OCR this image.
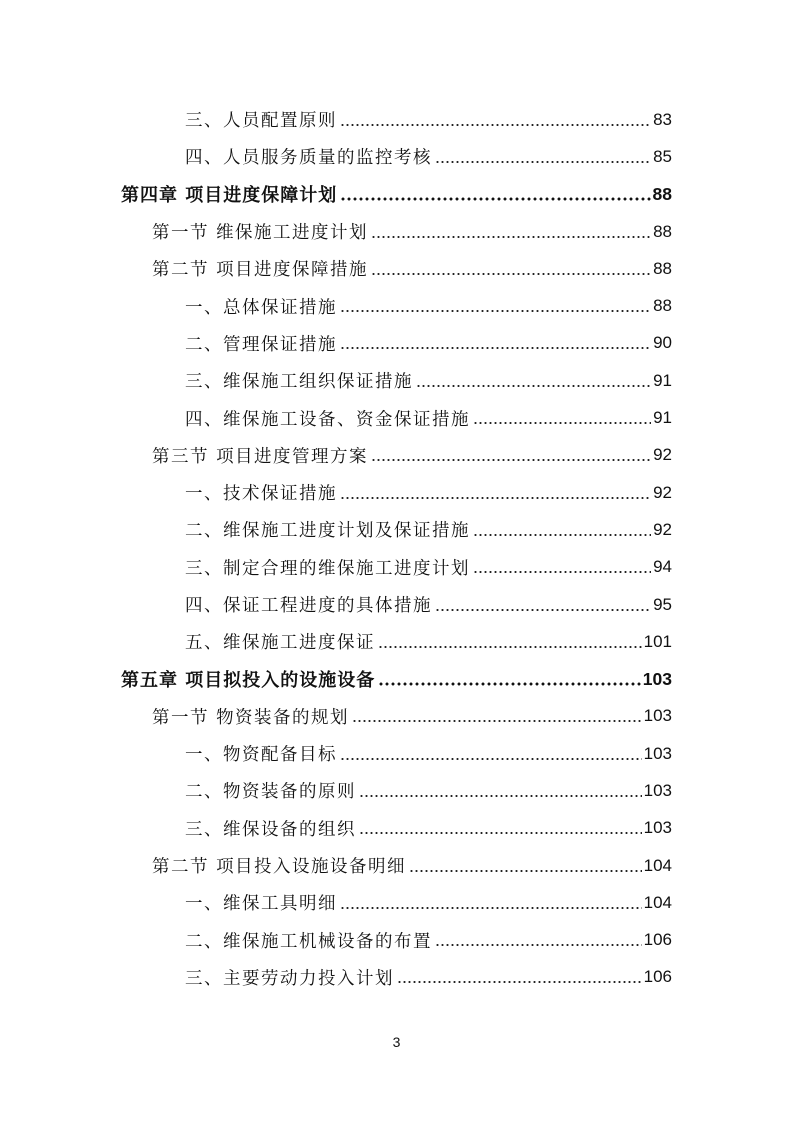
三、人员配置原则	83
四、人员服务质量的监控考核	85
第四章 项目进度保障计划	88
第一节 维保施工进度计划	88
第二节 项目进度保障措施	88
一、总体保证措施	88
二、管理保证措施	90
三、维保施工组织保证措施	91
四、维保施工设备、资金保证措施	91
第三节 项目进度管理方案	92
一、技术保证措施	92
二、维保施工进度计划及保证措施	92
三、制定合理的维保施工进度计划	94
四、保证工程进度的具体措施	95
五、维保施工进度保证	101
第五章 项目拟投入的设施设备	103
第一节 物资装备的规划	103
一、物资配备目标	103
二、物资装备的原则	103
三、维保设备的组织	103
第二节 项目投入设施设备明细	104
一、维保工具明细	104
二、维保施工机械设备的布置	106
三、主要劳动力投入计划	106
3
